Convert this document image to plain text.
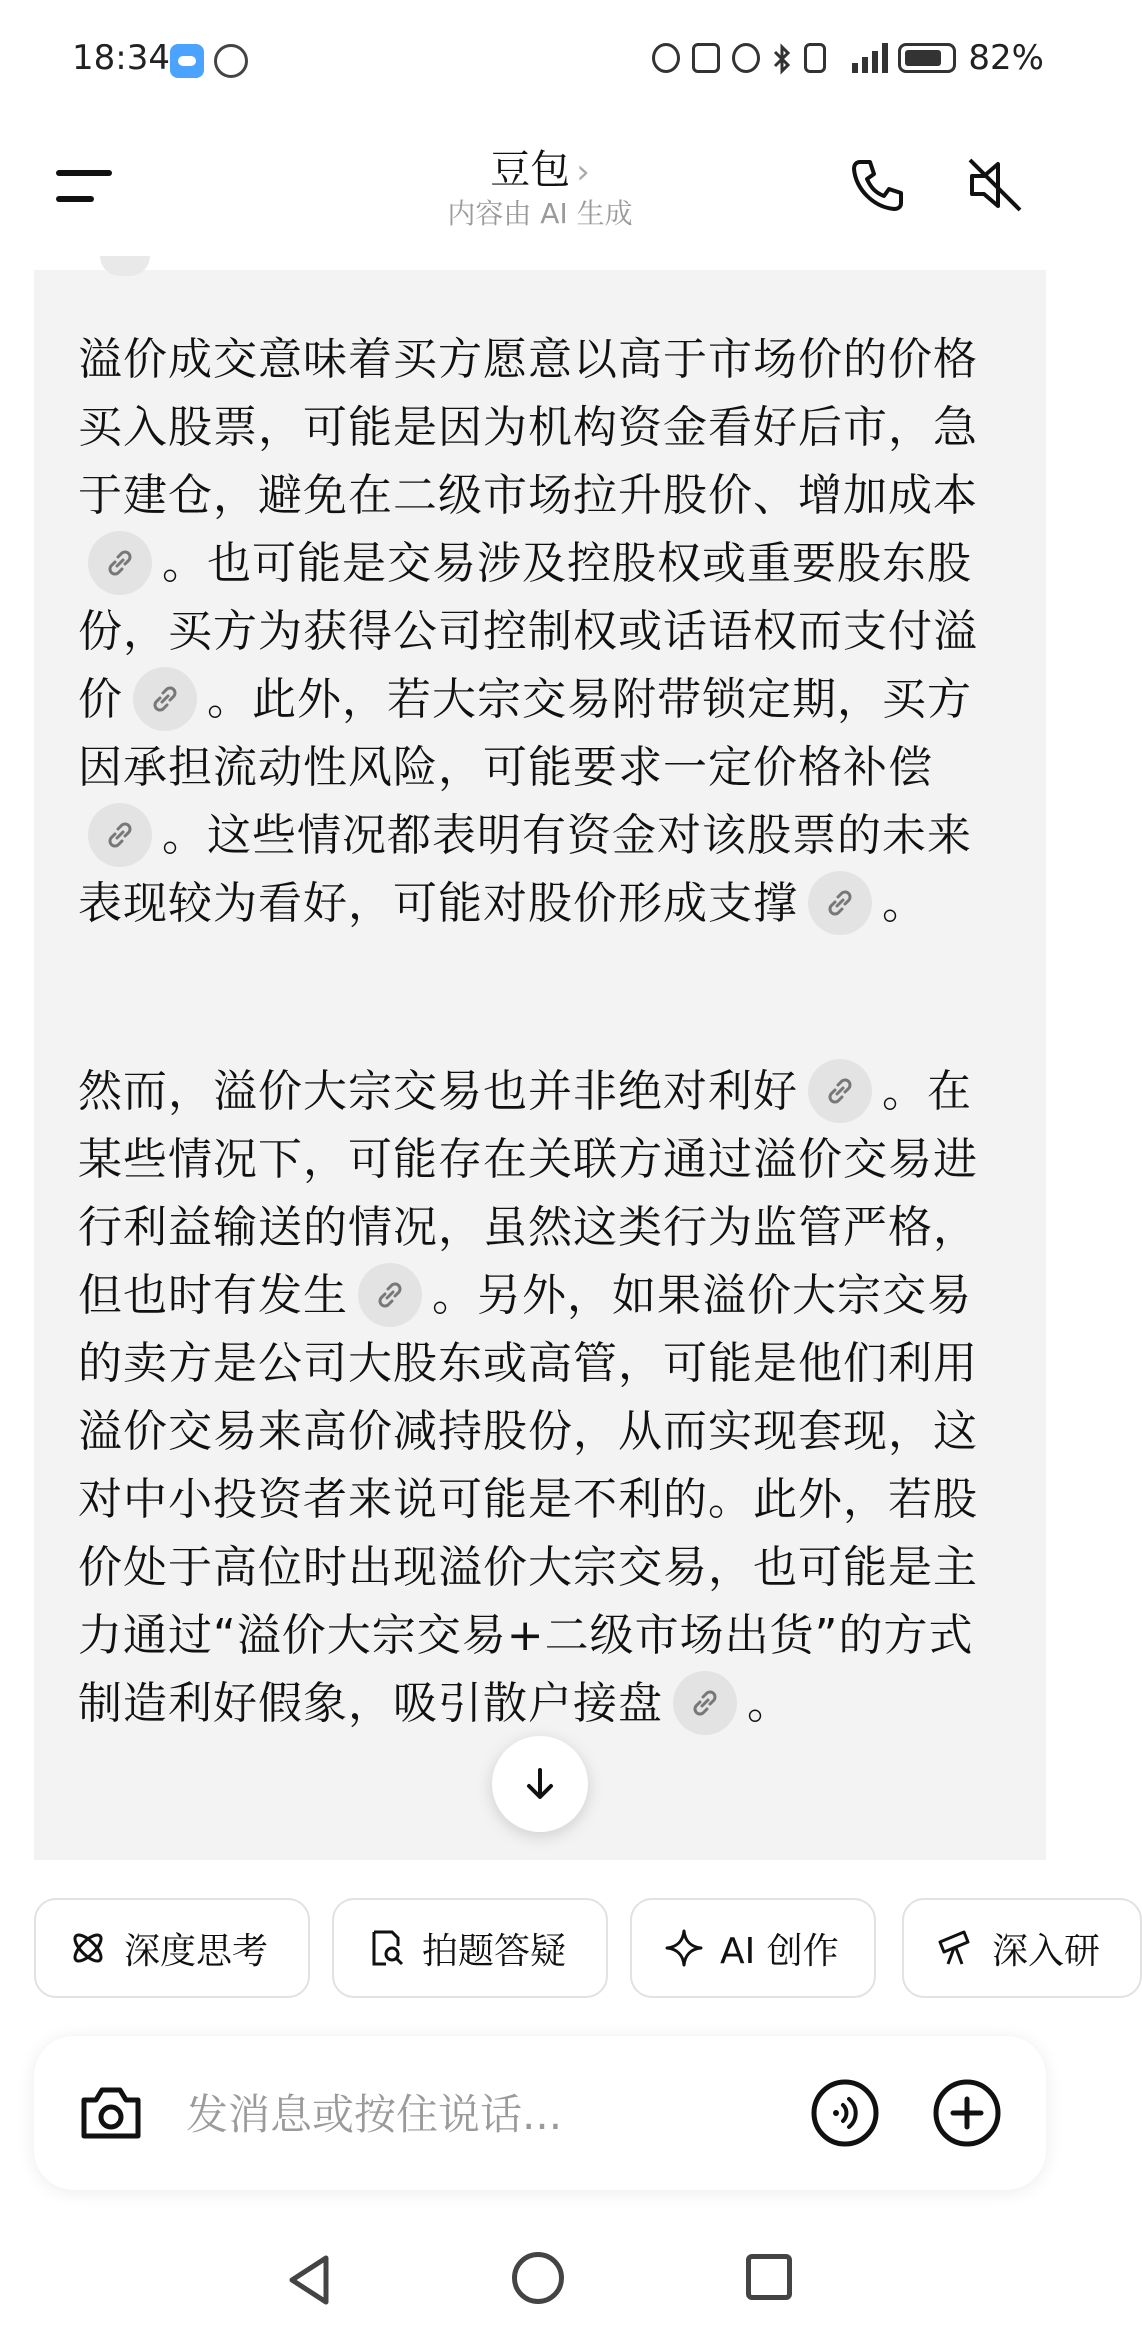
18:34	82%
豆包 ›
内容由 AI 生成

溢价成交意味着买方愿意以高于市场价的价格买入股票，可能是因为机构资金看好后市，急于建仓，避免在二级市场拉升股价、增加成本
。也可能是交易涉及控股权或重要股东股份，买方为获得公司控制权或话语权而支付溢价 。此外，若大宗交易附带锁定期，买方因承担流动性风险，可能要求一定价格补偿
。这些情况都表明有资金对该股票的未来表现较为看好，可能对股价形成支撑 。

然而，溢价大宗交易也并非绝对利好 。在某些情况下，可能存在关联方通过溢价交易进行利益输送的情况，虽然这类行为监管严格，但也时有发生 。另外，如果溢价大宗交易的卖方是公司大股东或高管，可能是他们利用溢价交易来高价减持股份，从而实现套现，这对中小投资者来说可能是不利的。此外，若股价处于高位时出现溢价大宗交易，也可能是主力通过“溢价大宗交易+二级市场出货”的方式制造利好假象，吸引散户接盘 。

深度思考	拍题答疑	AI 创作	深入研
发消息或按住说话...
